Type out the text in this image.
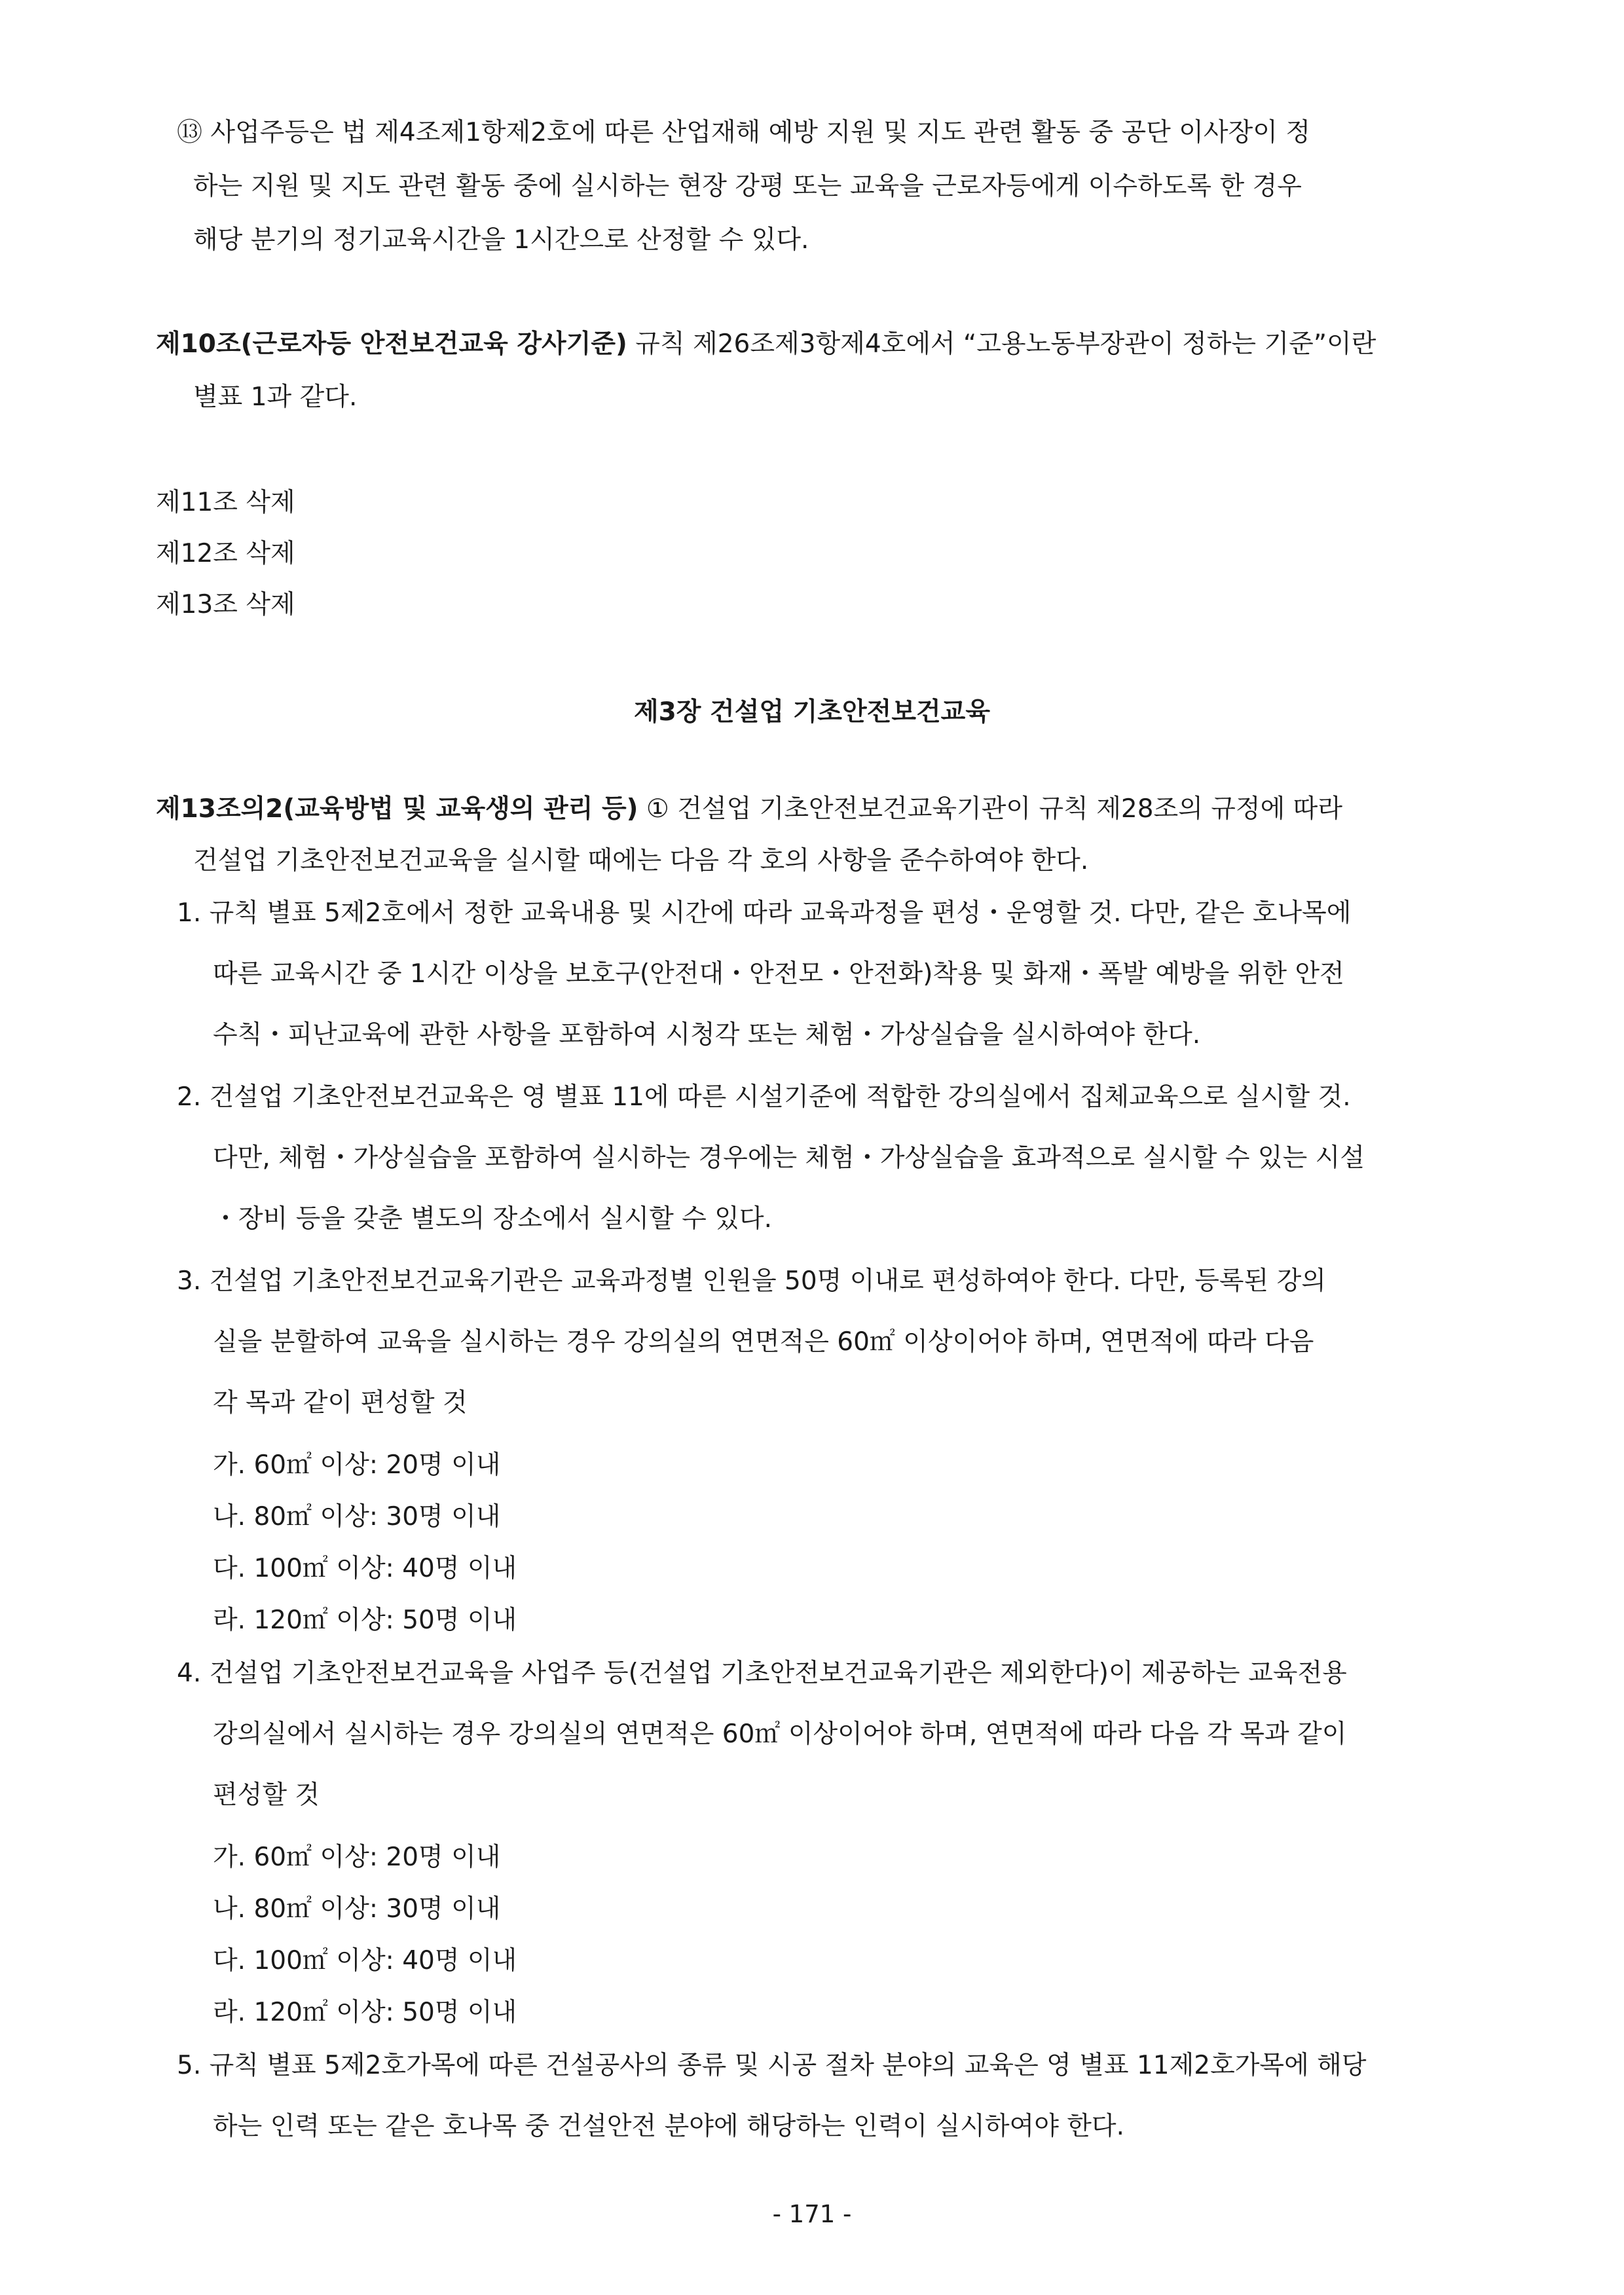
⑬ 사업주등은 법 제4조제1항제2호에 따른 산업재해 예방 지원 및 지도 관련 활동 중 공단 이사장이 정
하는 지원 및 지도 관련 활동 중에 실시하는 현장 강평 또는 교육을 근로자등에게 이수하도록 한 경우
해당 분기의 정기교육시간을 1시간으로 산정할 수 있다.
제10조(근로자등 안전보건교육 강사기준) 규칙 제26조제3항제4호에서 “고용노동부장관이 정하는 기준”이란
별표 1과 같다.
제11조 삭제
제12조 삭제
제13조 삭제
제3장 건설업 기초안전보건교육
제13조의2(교육방법 및 교육생의 관리 등) ① 건설업 기초안전보건교육기관이 규칙 제28조의 규정에 따라
건설업 기초안전보건교육을 실시할 때에는 다음 각 호의 사항을 준수하여야 한다.
1. 규칙 별표 5제2호에서 정한 교육내용 및 시간에 따라 교육과정을 편성・운영할 것. 다만, 같은 호나목에
따른 교육시간 중 1시간 이상을 보호구(안전대・안전모・안전화)착용 및 화재・폭발 예방을 위한 안전
수칙・피난교육에 관한 사항을 포함하여 시청각 또는 체험・가상실습을 실시하여야 한다.
2. 건설업 기초안전보건교육은 영 별표 11에 따른 시설기준에 적합한 강의실에서 집체교육으로 실시할 것.
다만, 체험・가상실습을 포함하여 실시하는 경우에는 체험・가상실습을 효과적으로 실시할 수 있는 시설
・장비 등을 갖춘 별도의 장소에서 실시할 수 있다.
3. 건설업 기초안전보건교육기관은 교육과정별 인원을 50명 이내로 편성하여야 한다. 다만, 등록된 강의
실을 분할하여 교육을 실시하는 경우 강의실의 연면적은 60㎡ 이상이어야 하며, 연면적에 따라 다음
각 목과 같이 편성할 것
가. 60㎡ 이상: 20명 이내
나. 80㎡ 이상: 30명 이내
다. 100㎡ 이상: 40명 이내
라. 120㎡ 이상: 50명 이내
4. 건설업 기초안전보건교육을 사업주 등(건설업 기초안전보건교육기관은 제외한다)이 제공하는 교육전용
강의실에서 실시하는 경우 강의실의 연면적은 60㎡ 이상이어야 하며, 연면적에 따라 다음 각 목과 같이
편성할 것
가. 60㎡ 이상: 20명 이내
나. 80㎡ 이상: 30명 이내
다. 100㎡ 이상: 40명 이내
라. 120㎡ 이상: 50명 이내
5. 규칙 별표 5제2호가목에 따른 건설공사의 종류 및 시공 절차 분야의 교육은 영 별표 11제2호가목에 해당
하는 인력 또는 같은 호나목 중 건설안전 분야에 해당하는 인력이 실시하여야 한다.
- 171 -
